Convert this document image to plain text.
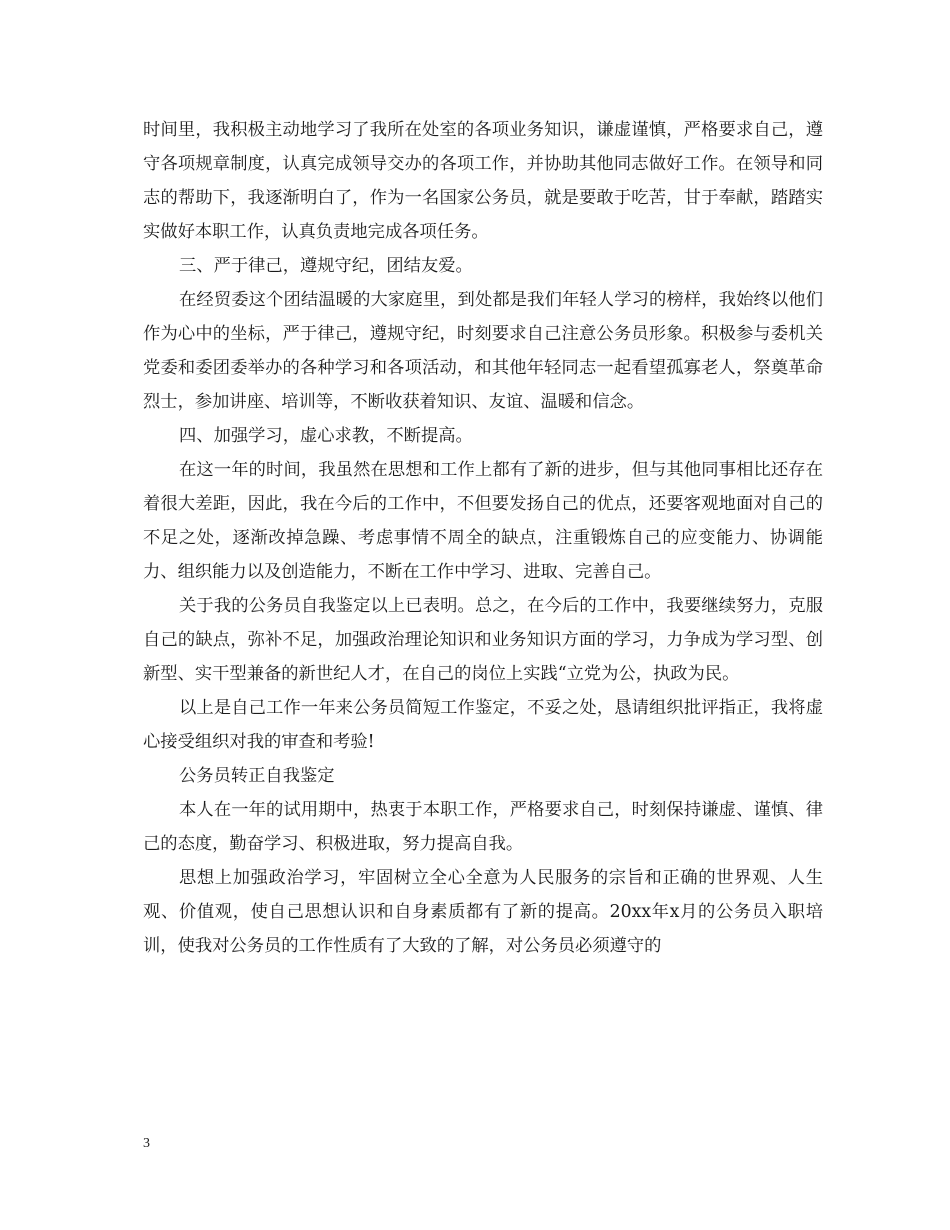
时间里，我积极主动地学习了我所在处室的各项业务知识，谦虚谨慎，严格要求自己，遵守各项规章制度，认真完成领导交办的各项工作，并协助其他同志做好工作。在领导和同志的帮助下，我逐渐明白了，作为一名国家公务员，就是要敢于吃苦，甘于奉献，踏踏实实做好本职工作，认真负责地完成各项任务。

三、严于律己，遵规守纪，团结友爱。

在经贸委这个团结温暖的大家庭里，到处都是我们年轻人学习的榜样，我始终以他们作为心中的坐标，严于律己，遵规守纪，时刻要求自己注意公务员形象。积极参与委机关党委和委团委举办的各种学习和各项活动，和其他年轻同志一起看望孤寡老人，祭奠革命烈士，参加讲座、培训等，不断收获着知识、友谊、温暖和信念。

四、加强学习，虚心求教，不断提高。

在这一年的时间，我虽然在思想和工作上都有了新的进步，但与其他同事相比还存在着很大差距，因此，我在今后的工作中，不但要发扬自己的优点，还要客观地面对自己的不足之处，逐渐改掉急躁、考虑事情不周全的缺点，注重锻炼自己的应变能力、协调能力、组织能力以及创造能力，不断在工作中学习、进取、完善自己。

关于我的公务员自我鉴定以上已表明。总之，在今后的工作中，我要继续努力，克服自己的缺点，弥补不足，加强政治理论知识和业务知识方面的学习，力争成为学习型、创新型、实干型兼备的新世纪人才，在自己的岗位上实践“立党为公，执政为民。

以上是自己工作一年来公务员简短工作鉴定，不妥之处，恳请组织批评指正，我将虚心接受组织对我的审查和考验!

公务员转正自我鉴定

本人在一年的试用期中，热衷于本职工作，严格要求自己，时刻保持谦虚、谨慎、律己的态度，勤奋学习、积极进取，努力提高自我。

思想上加强政治学习，牢固树立全心全意为人民服务的宗旨和正确的世界观、人生观、价值观，使自己思想认识和自身素质都有了新的提高。20xx年x月的公务员入职培训，使我对公务员的工作性质有了大致的了解，对公务员必须遵守的

3
